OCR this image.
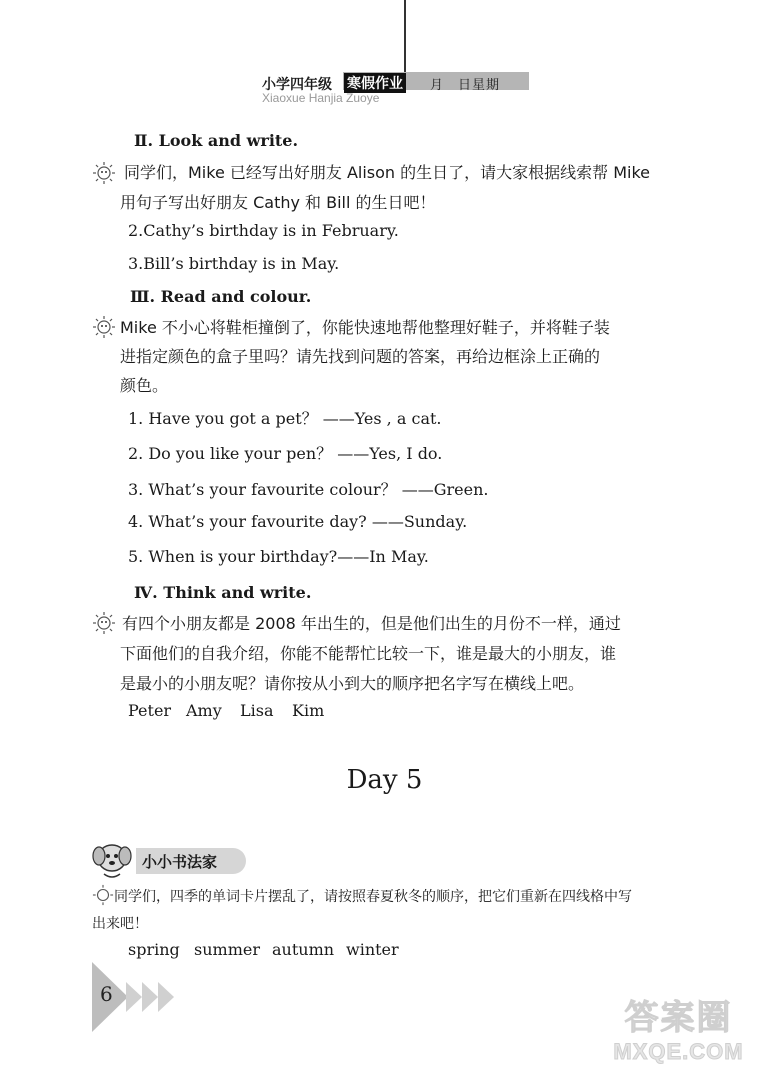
小学四年级 寒假作业 月　日星期
Xiaoxue Hanjia Zuoye
Ⅱ. Look and write.
同学们，Mike 已经写出好朋友 Alison 的生日了，请大家根据线索帮 Mike
用句子写出好朋友 Cathy 和 Bill 的生日吧！
2.Cathy’s birthday is in February.
3.Bill’s birthday is in May.
Ⅲ. Read and colour.
Mike 不小心将鞋柜撞倒了，你能快速地帮他整理好鞋子，并将鞋子装
进指定颜色的盒子里吗？请先找到问题的答案，再给边框涂上正确的
颜色。
1. Have you got a pet？ ——Yes , a cat.
2. Do you like your pen？ ——Yes, I do.
3. What’s your favourite colour？ ——Green.
4. What’s your favourite day? ——Sunday.
5. When is your birthday?——In May.
Ⅳ. Think and write.
有四个小朋友都是 2008 年出生的，但是他们出生的月份不一样，通过
下面他们的自我介绍，你能不能帮忙比较一下，谁是最大的小朋友，谁
是最小的小朋友呢？请你按从小到大的顺序把名字写在横线上吧。
Peter Amy Lisa Kim
Day 5
小小书法家
同学们，四季的单词卡片摆乱了，请按照春夏秋冬的顺序，把它们重新在四线格中写
出来吧！
spring summer autumn winter
6
答案圈
MXQE.COM
